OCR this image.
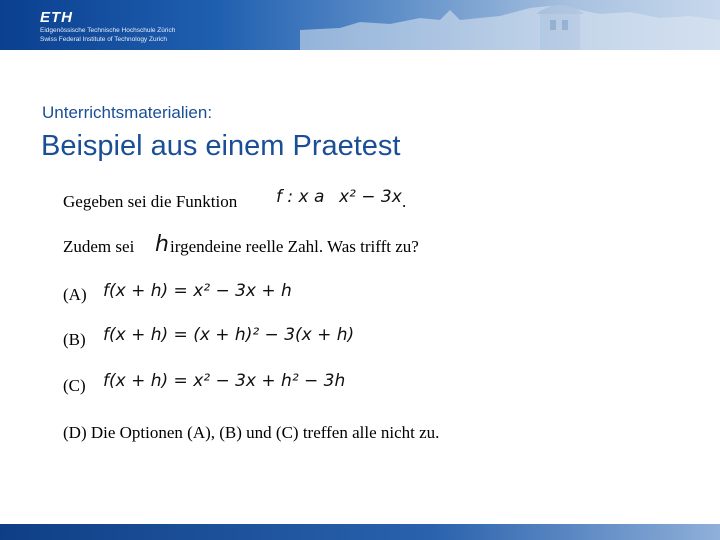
ETH
Eidgenössische Technische Hochschule Zürich
Swiss Federal Institute of Technology Zurich
Unterrichtsmaterialien:
Beispiel aus einem Praetest
Gegeben sei die Funktion f : x a x² − 3x .
Zudem sei h irgendeine reelle Zahl. Was trifft zu?
(A) f(x + h) = x² − 3x + h
(B) f(x + h) = (x + h)² − 3(x + h)
(C) f(x + h) = x² − 3x + h² − 3h
(D) Die Optionen (A), (B) und (C) treffen alle nicht zu.
